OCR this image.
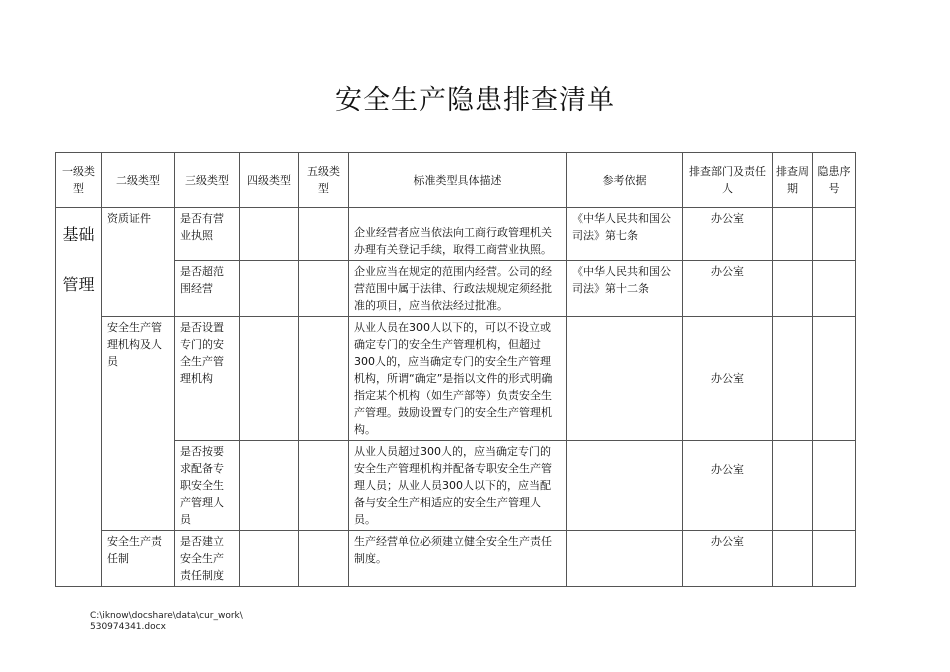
安全生产隐患排查清单
一级类型	二级类型	三级类型	四级类型	五级类型	标准类型具体描述	参考依据	排查部门及责任人	排查周期	隐患序号
基础管理	资质证件	是否有营业执照			企业经营者应当依法向工商行政管理机关办理有关登记手续，取得工商营业执照。	《中华人民共和国公司法》第七条	办公室		
		是否超范围经营			企业应当在规定的范围内经营。公司的经营范围中属于法律、行政法规规定须经批准的项目，应当依法经过批准。	《中华人民共和国公司法》第十二条	办公室		
	安全生产管理机构及人员	是否设置专门的安全生产管理机构			从业人员在300人以下的，可以不设立或确定专门的安全生产管理机构，但超过300人的，应当确定专门的安全生产管理机构，所谓“确定”是指以文件的形式明确指定某个机构（如生产部等）负责安全生产管理。鼓励设置专门的安全生产管理机构。		办公室		
		是否按要求配备专职安全生产管理人员			从业人员超过300人的，应当确定专门的安全生产管理机构并配备专职安全生产管理人员；从业人员300人以下的，应当配备与安全生产相适应的安全生产管理人员。		办公室		
	安全生产责任制	是否建立安全生产责任制度			生产经营单位必须建立健全安全生产责任制度。		办公室		
C:\iknow\docshare\data\cur_work\
530974341.docx
